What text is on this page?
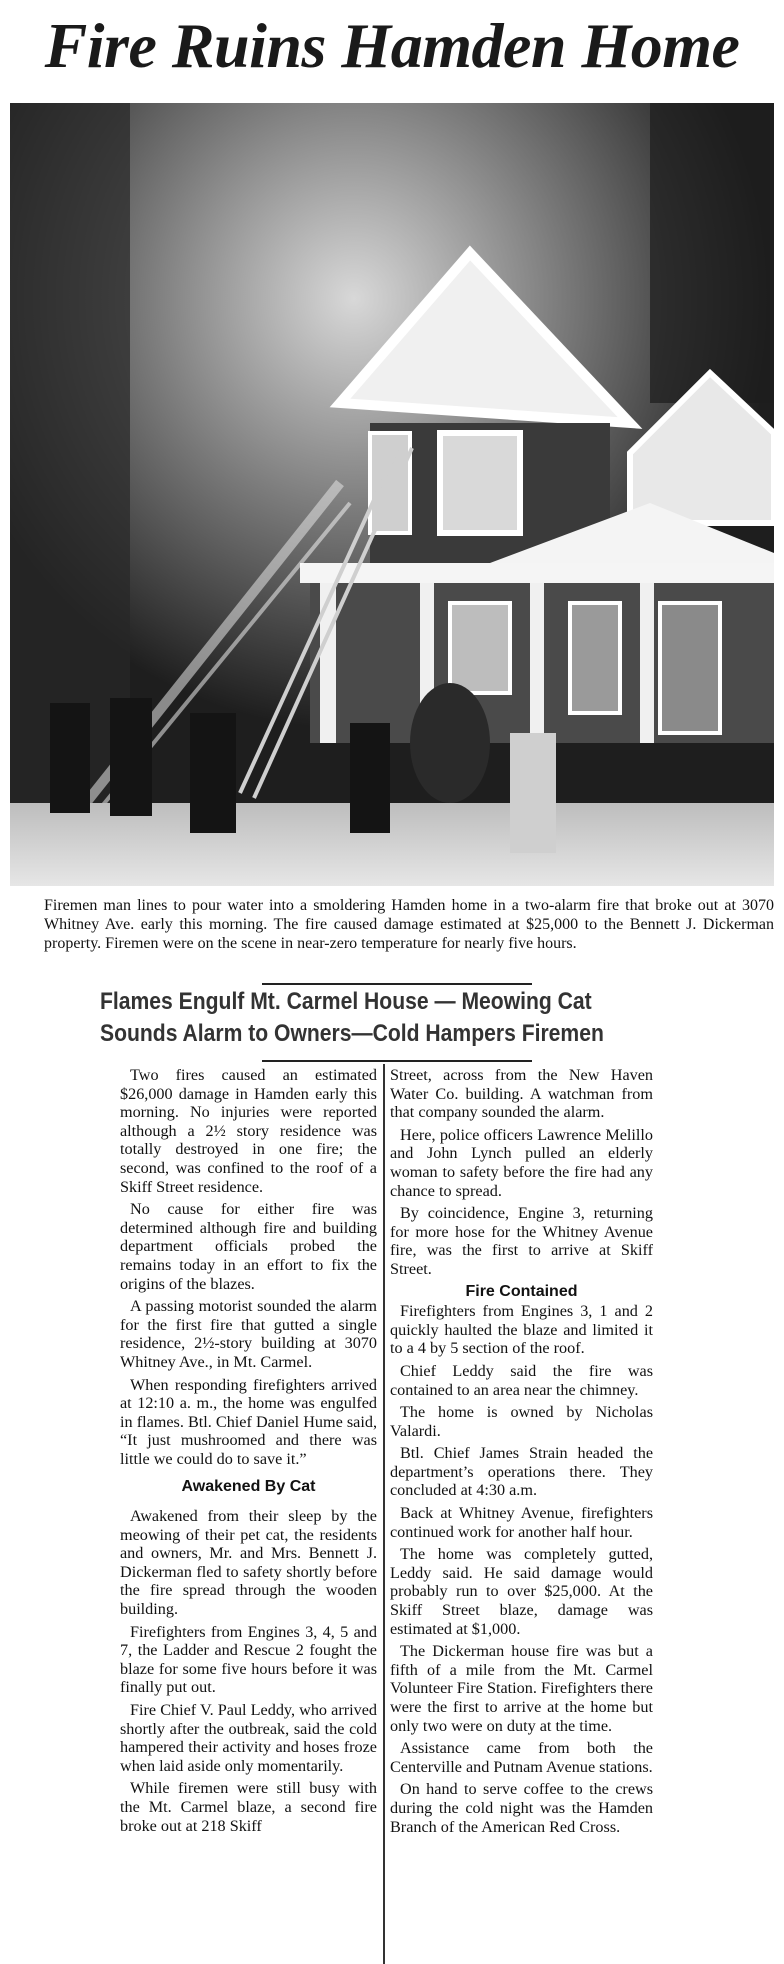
Fire Ruins Hamden Home
Firemen man lines to pour water into a smoldering Hamden home in a two-alarm fire that broke out at 3070 Whitney Ave. early this morning. The fire caused damage estimated at $25,000 to the Bennett J. Dickerman property. Firemen were on the scene in near-zero temperature for nearly five hours.
Flames Engulf Mt. Carmel House — Meowing Cat
Sounds Alarm to Owners—Cold Hampers Firemen

Two fires caused an estimated $26,000 damage in Hamden early this morning. No injuries were reported although a 2½ story residence was totally destroyed in one fire; the second, was confined to the roof of a Skiff Street residence.

No cause for either fire was determined although fire and building department officials probed the remains today in an effort to fix the origins of the blazes.

A passing motorist sounded the alarm for the first fire that gutted a single residence, 2½-story building at 3070 Whitney Ave., in Mt. Carmel.

When responding firefighters arrived at 12:10 a. m., the home was engulfed in flames. Btl. Chief Daniel Hume said, “It just mushroomed and there was little we could do to save it.”

Awakened By Cat

Awakened from their sleep by the meowing of their pet cat, the residents and owners, Mr. and Mrs. Bennett J. Dickerman fled to safety shortly before the fire spread through the wooden building.

Firefighters from Engines 3, 4, 5 and 7, the Ladder and Rescue 2 fought the blaze for some five hours before it was finally put out.

Fire Chief V. Paul Leddy, who arrived shortly after the outbreak, said the cold hampered their activity and hoses froze when laid aside only momentarily.

While firemen were still busy with the Mt. Carmel blaze, a second fire broke out at 218 Skiff

Street, across from the New Haven Water Co. building. A watchman from that company sounded the alarm.

Here, police officers Lawrence Melillo and John Lynch pulled an elderly woman to safety before the fire had any chance to spread.

By coincidence, Engine 3, returning for more hose for the Whitney Avenue fire, was the first to arrive at Skiff Street.

Fire Contained

Firefighters from Engines 3, 1 and 2 quickly haulted the blaze and limited it to a 4 by 5 section of the roof.

Chief Leddy said the fire was contained to an area near the chimney.

The home is owned by Nicholas Valardi.

Btl. Chief James Strain headed the department’s operations there. They concluded at 4:30 a.m.

Back at Whitney Avenue, firefighters continued work for another half hour.

The home was completely gutted, Leddy said. He said damage would probably run to over $25,000. At the Skiff Street blaze, damage was estimated at $1,000.

The Dickerman house fire was but a fifth of a mile from the Mt. Carmel Volunteer Fire Station. Firefighters there were the first to arrive at the home but only two were on duty at the time.

Assistance came from both the Centerville and Putnam Avenue stations.

On hand to serve coffee to the crews during the cold night was the Hamden Branch of the American Red Cross.
